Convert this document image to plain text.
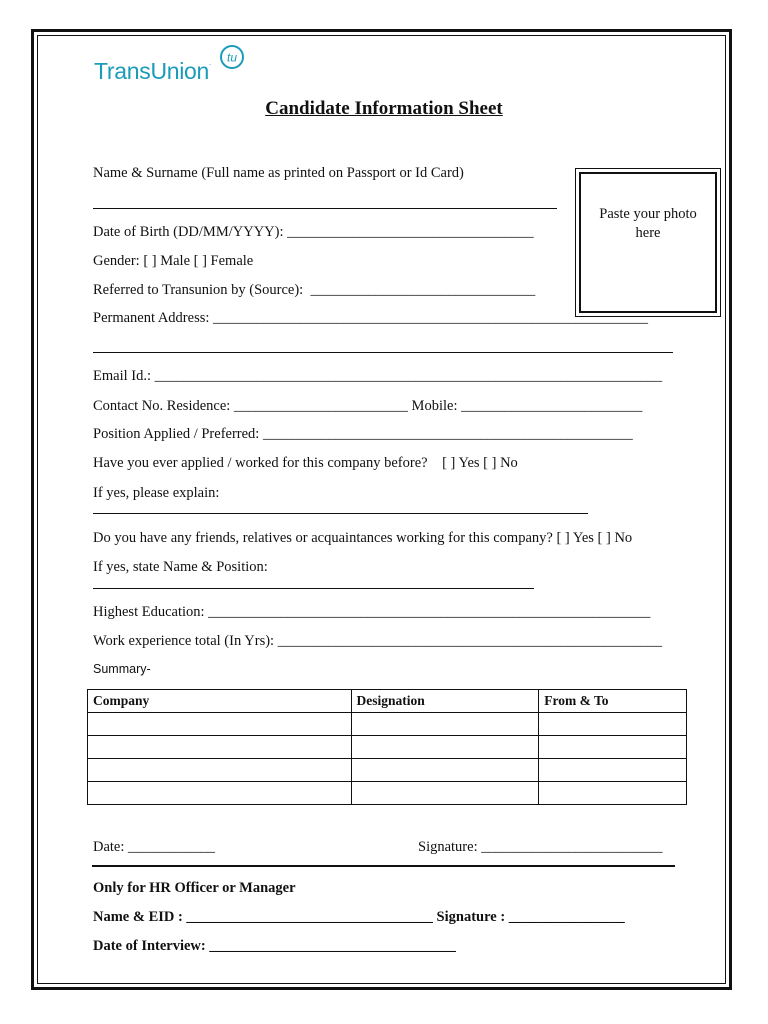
TransUnion. tu
Candidate Information Sheet
Paste your photo
here
Name & Surname (Full name as printed on Passport or Id Card)
Date of Birth (DD/MM/YYYY): __________________________________
Gender: [ ] Male [ ] Female
Referred to Transunion by (Source):  _______________________________
Permanent Address: ____________________________________________________________
Email Id.: ______________________________________________________________________
Contact No. Residence: ________________________ Mobile: _________________________
Position Applied / Preferred: ___________________________________________________
Have you ever applied / worked for this company before?    [ ] Yes [ ] No
If yes, please explain:
Do you have any friends, relatives or acquaintances working for this company? [ ] Yes [ ] No
If yes, state Name & Position:
Highest Education: _____________________________________________________________
Work experience total (In Yrs): _____________________________________________________
Summary-
Company	Designation	From & To

Date: ____________	Signature: _________________________
Only for HR Officer or Manager
Name & EID : __________________________________ Signature : ________________
Date of Interview: __________________________________
